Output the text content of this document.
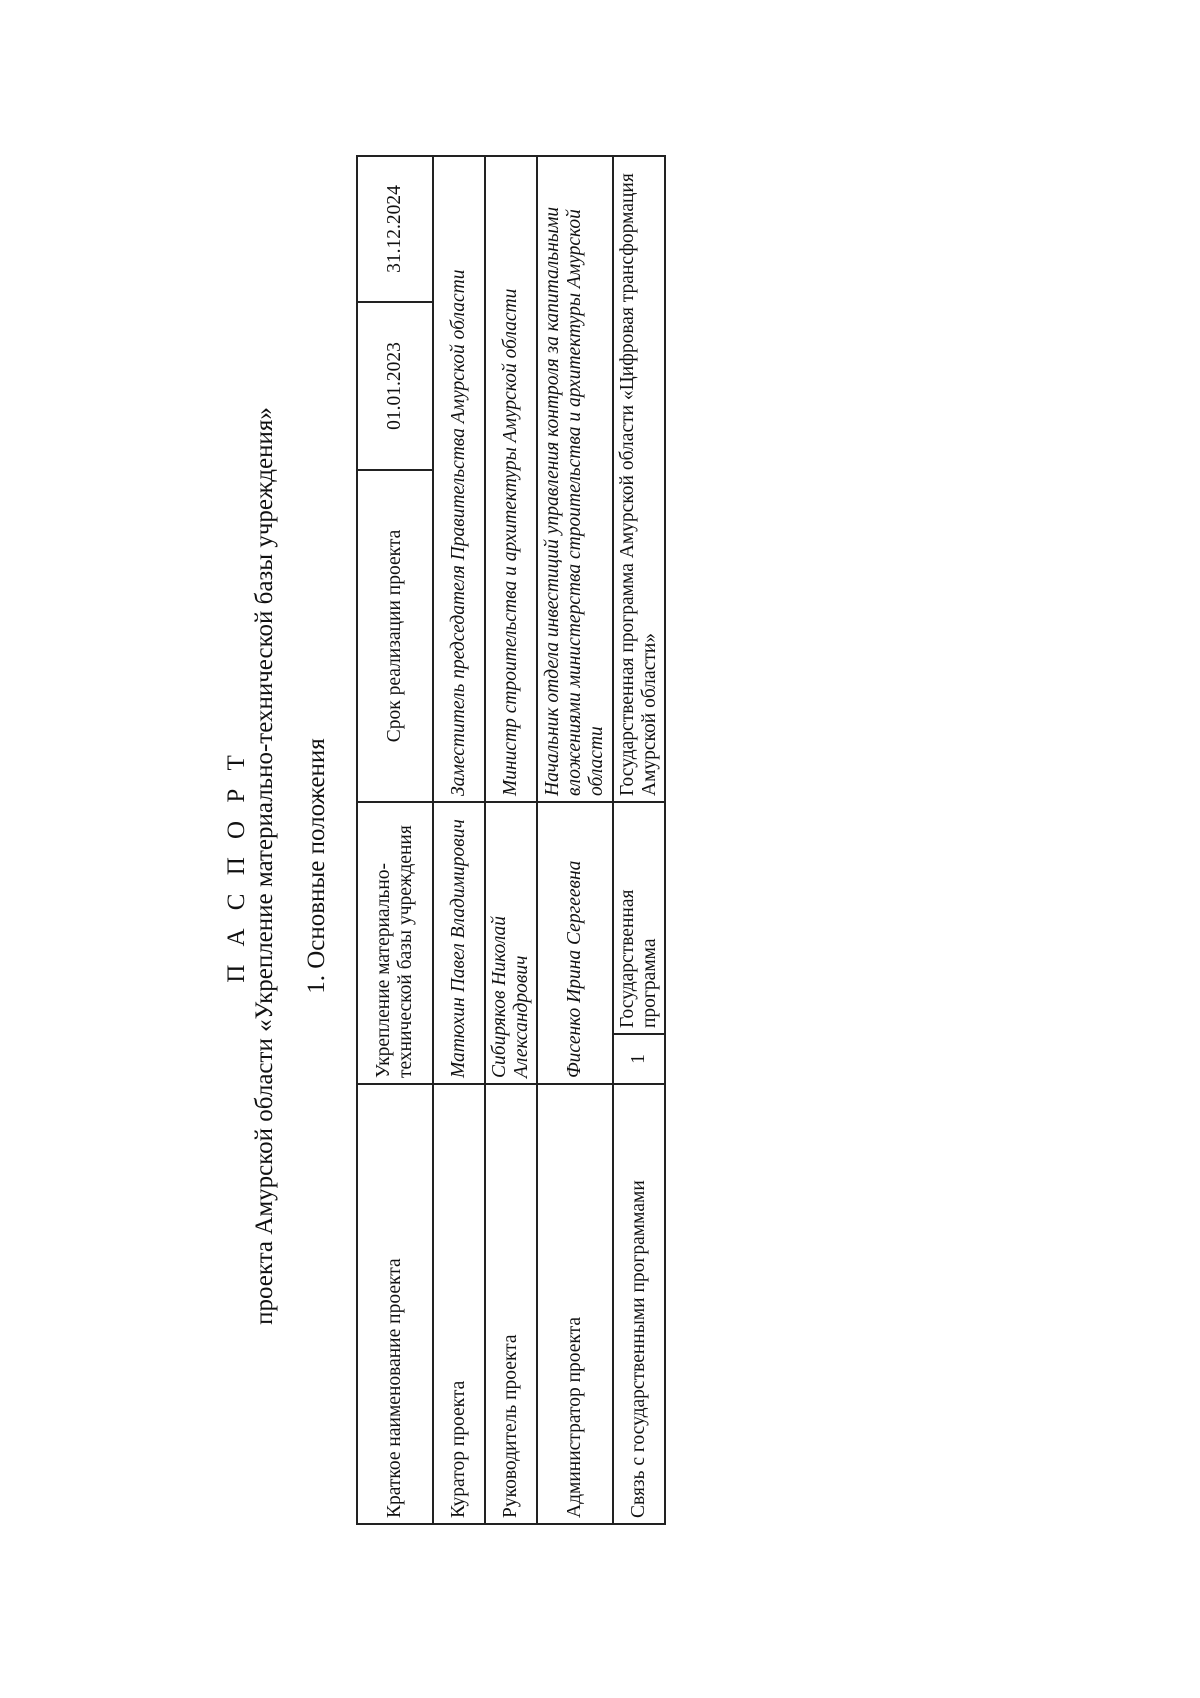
П А С П О Р Т проекта Амурской области «Укрепление материально-технической базы учреждения» 1. Основные положения
Краткое наименование проекта	Укрепление материально-технической базы учреждения		Срок реализации проекта	01.01.2023	31.12.2024
Куратор проекта	Матюхин Павел Владимирович		Заместитель председателя Правительства Амурской области		
Руководитель проекта	Сибиряков Николай Александрович		Министр строительства и архитектуры Амурской области		
Администратор проекта	Фисенко Ирина Сергеевна		Начальник отдела инвестиций управления контроля за капитальными вложениями министерства строительства и архитектуры Амурской области		
Связь с государственными программами	1	Государственная программа	Государственная программа Амурской области «Цифровая трансформация Амурской области»		
